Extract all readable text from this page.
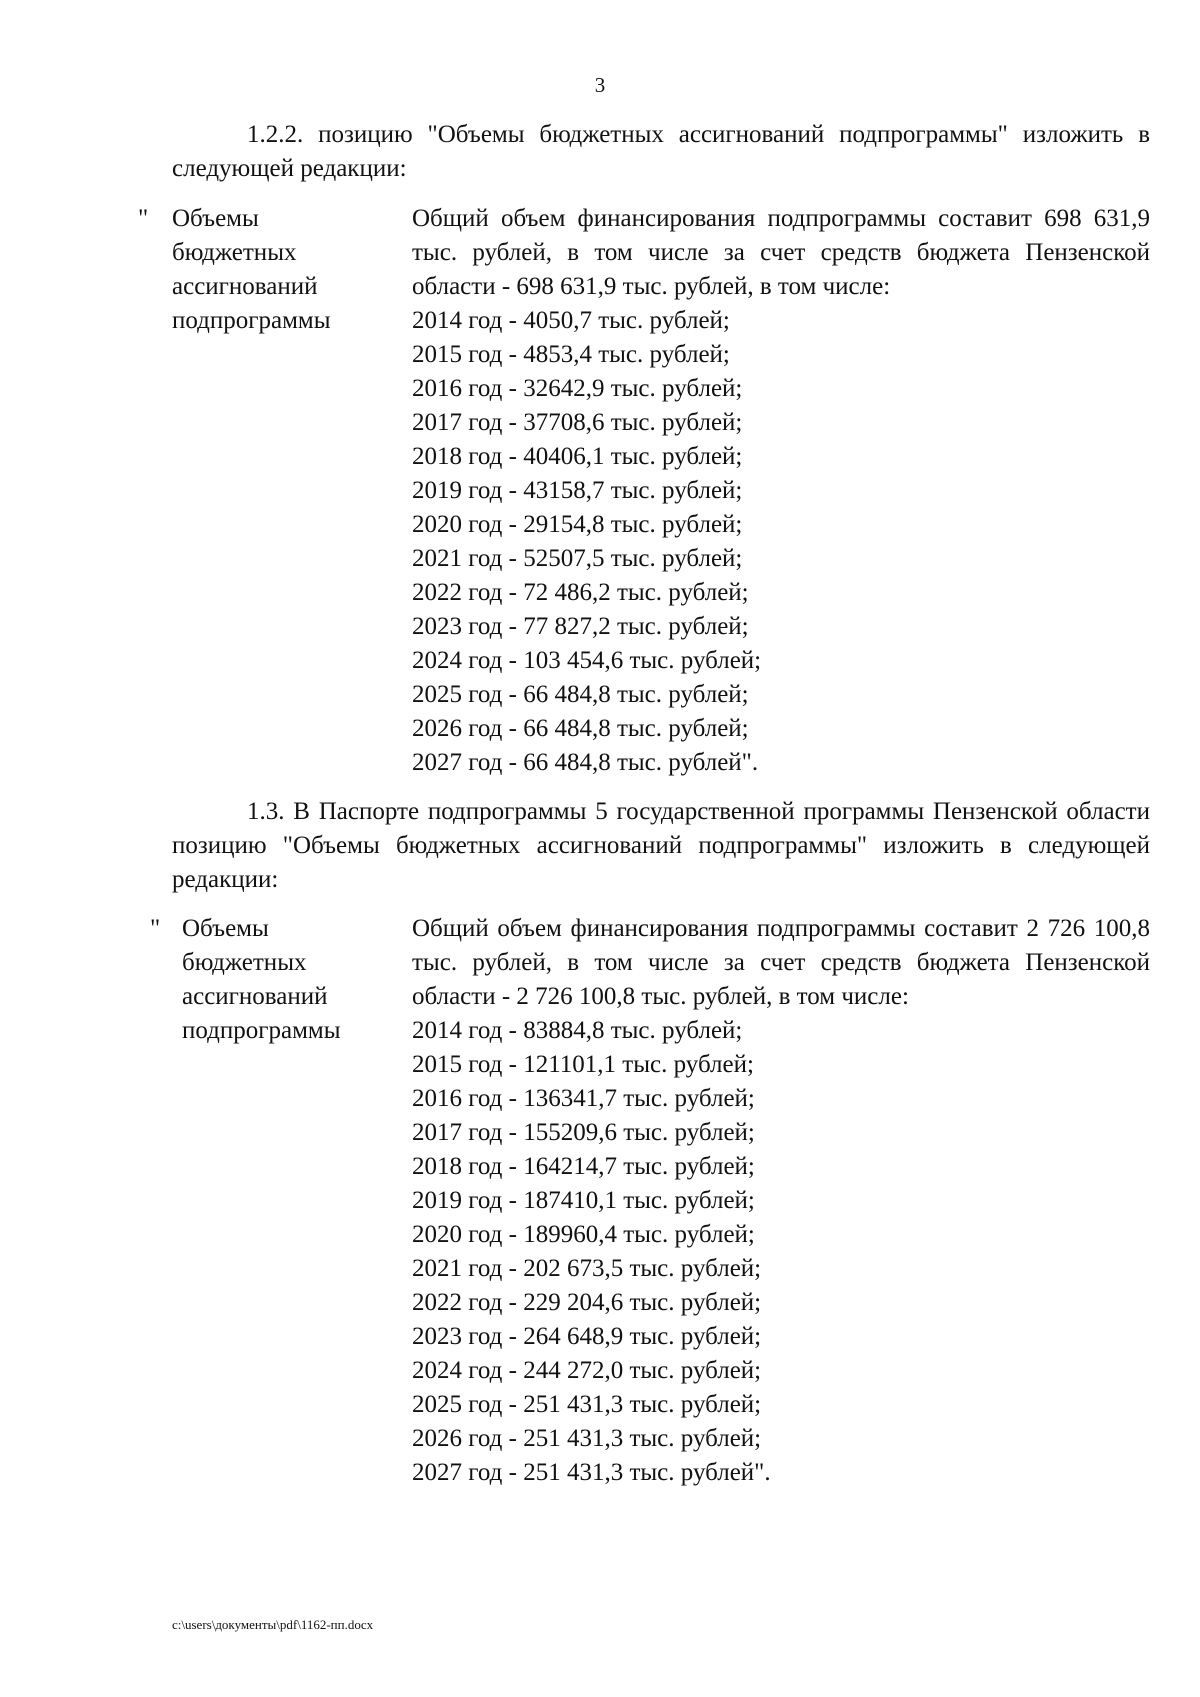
3

1.2.2. позицию "Объемы бюджетных ассигнований подпрограммы" изложить в следующей редакции:

" Объемы
бюджетных
ассигнований
подпрограммы

Общий объем финансирования подпрограммы составит 698 631,9 тыс. рублей, в том числе за счет средств бюджета Пензенской области - 698 631,9 тыс. рублей, в том числе:

2014 год - 4050,7 тыс. рублей;
2015 год - 4853,4 тыс. рублей;
2016 год - 32642,9 тыс. рублей;
2017 год - 37708,6 тыс. рублей;
2018 год - 40406,1 тыс. рублей;
2019 год - 43158,7 тыс. рублей;
2020 год - 29154,8 тыс. рублей;
2021 год - 52507,5 тыс. рублей;
2022 год - 72 486,2 тыс. рублей;
2023 год - 77 827,2 тыс. рублей;
2024 год - 103 454,6 тыс. рублей;
2025 год - 66 484,8 тыс. рублей;
2026 год - 66 484,8 тыс. рублей;
2027 год - 66 484,8 тыс. рублей".

1.3. В Паспорте подпрограммы 5 государственной программы Пензенской области позицию "Объемы бюджетных ассигнований подпрограммы" изложить в следующей редакции:

" Объемы
бюджетных
ассигнований
подпрограммы

Общий объем финансирования подпрограммы составит 2 726 100,8 тыс. рублей, в том числе за счет средств бюджета Пензенской области - 2 726 100,8 тыс. рублей, в том числе:

2014 год - 83884,8 тыс. рублей;
2015 год - 121101,1 тыс. рублей;
2016 год - 136341,7 тыс. рублей;
2017 год - 155209,6 тыс. рублей;
2018 год - 164214,7 тыс. рублей;
2019 год - 187410,1 тыс. рублей;
2020 год - 189960,4 тыс. рублей;
2021 год - 202 673,5 тыс. рублей;
2022 год - 229 204,6 тыс. рублей;
2023 год - 264 648,9 тыс. рублей;
2024 год - 244 272,0 тыс. рублей;
2025 год - 251 431,3 тыс. рублей;
2026 год - 251 431,3 тыс. рублей;
2027 год - 251 431,3 тыс. рублей".
c:\users\документы\pdf\1162-пп.docx
